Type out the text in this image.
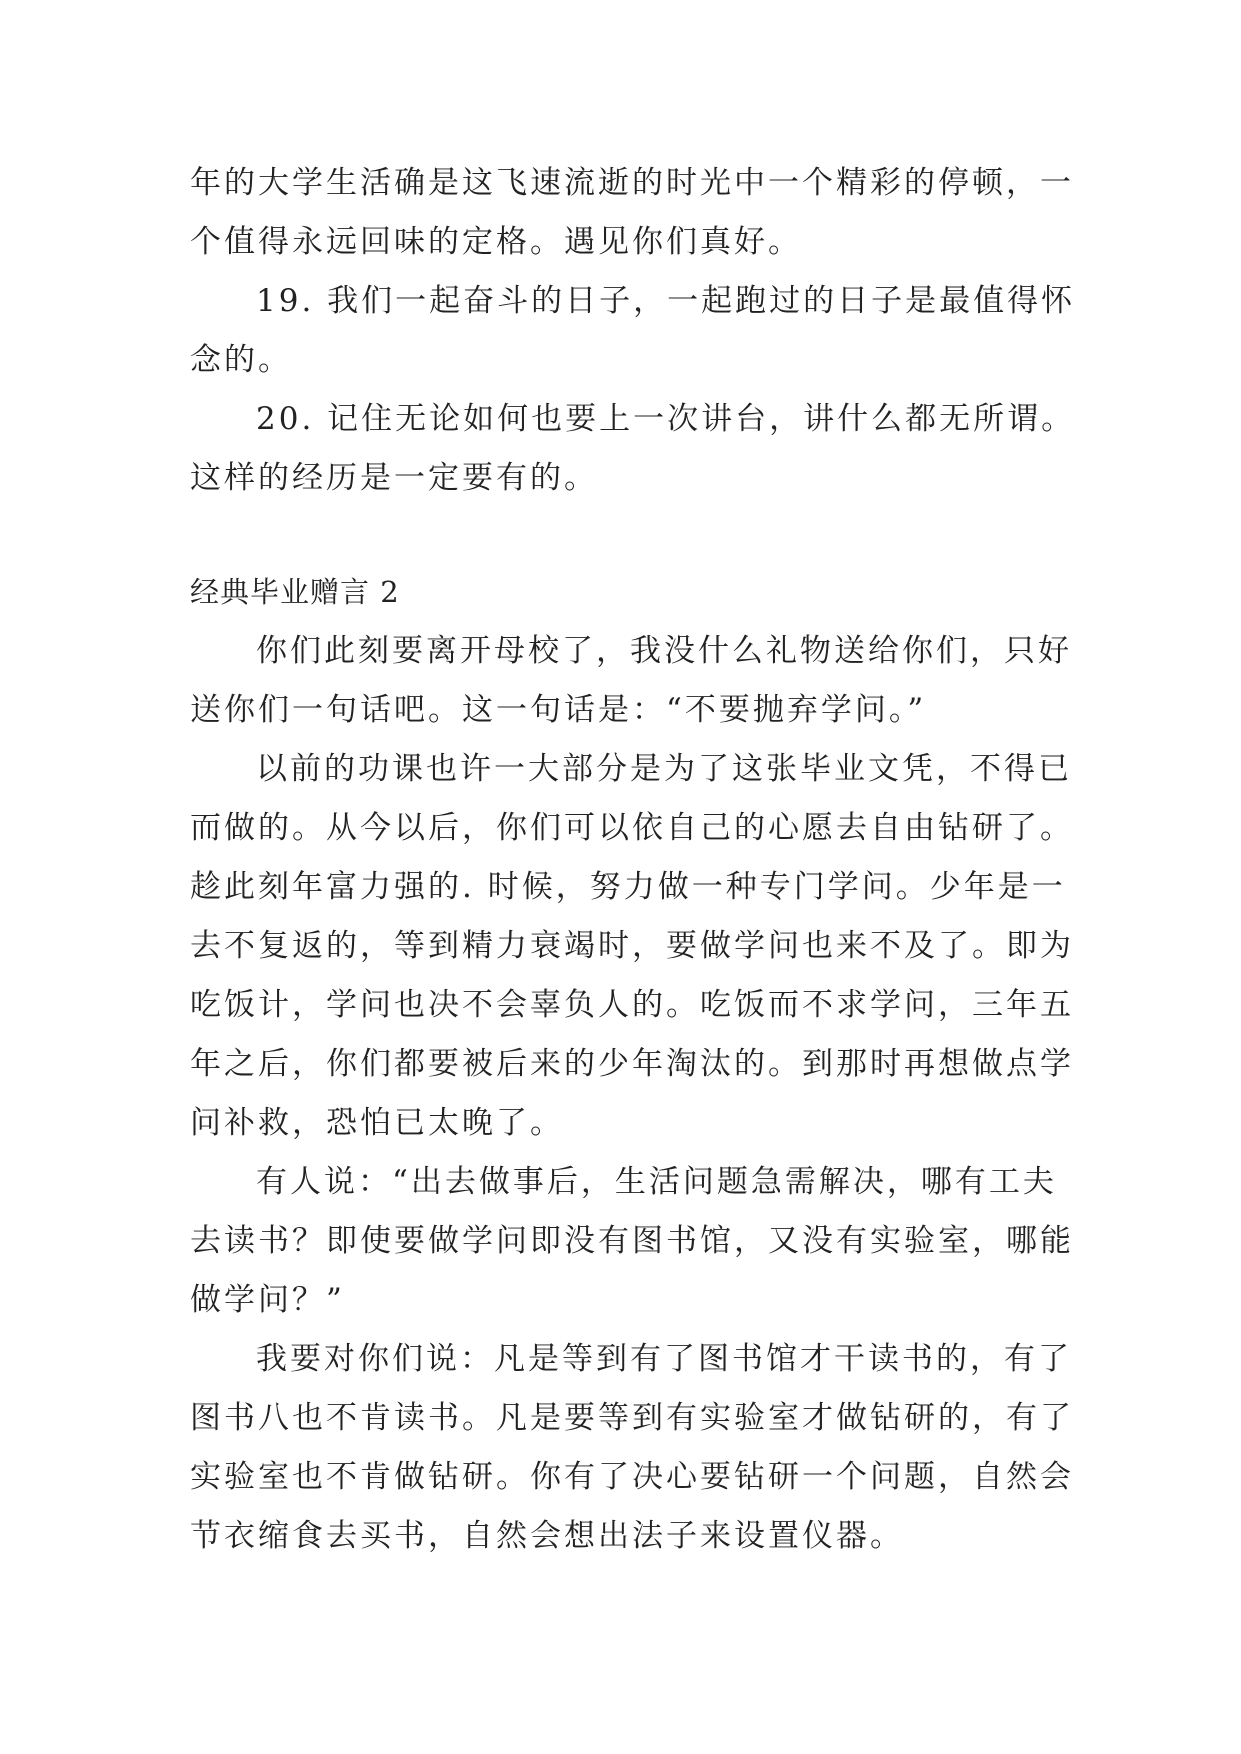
年的大学生活确是这飞速流逝的时光中一个精彩的停顿，一
个值得永远回味的定格。遇见你们真好。
19. 我们一起奋斗的日子，一起跑过的日子是最值得怀
念的。
20. 记住无论如何也要上一次讲台，讲什么都无所谓。
这样的经历是一定要有的。
经典毕业赠言 2
你们此刻要离开母校了，我没什么礼物送给你们，只好
送你们一句话吧。这一句话是：“不要抛弃学问。”
以前的功课也许一大部分是为了这张毕业文凭，不得已
而做的。从今以后，你们可以依自己的心愿去自由钻研了。
趁此刻年富力强的. 时候，努力做一种专门学问。少年是一
去不复返的，等到精力衰竭时，要做学问也来不及了。即为
吃饭计，学问也决不会辜负人的。吃饭而不求学问，三年五
年之后，你们都要被后来的少年淘汰的。到那时再想做点学
问补救，恐怕已太晚了。
有人说：“出去做事后，生活问题急需解决，哪有工夫
去读书？即使要做学问即没有图书馆，又没有实验室，哪能
做学问？”
我要对你们说：凡是等到有了图书馆才干读书的，有了
图书八也不肯读书。凡是要等到有实验室才做钻研的，有了
实验室也不肯做钻研。你有了决心要钻研一个问题，自然会
节衣缩食去买书，自然会想出法子来设置仪器。
